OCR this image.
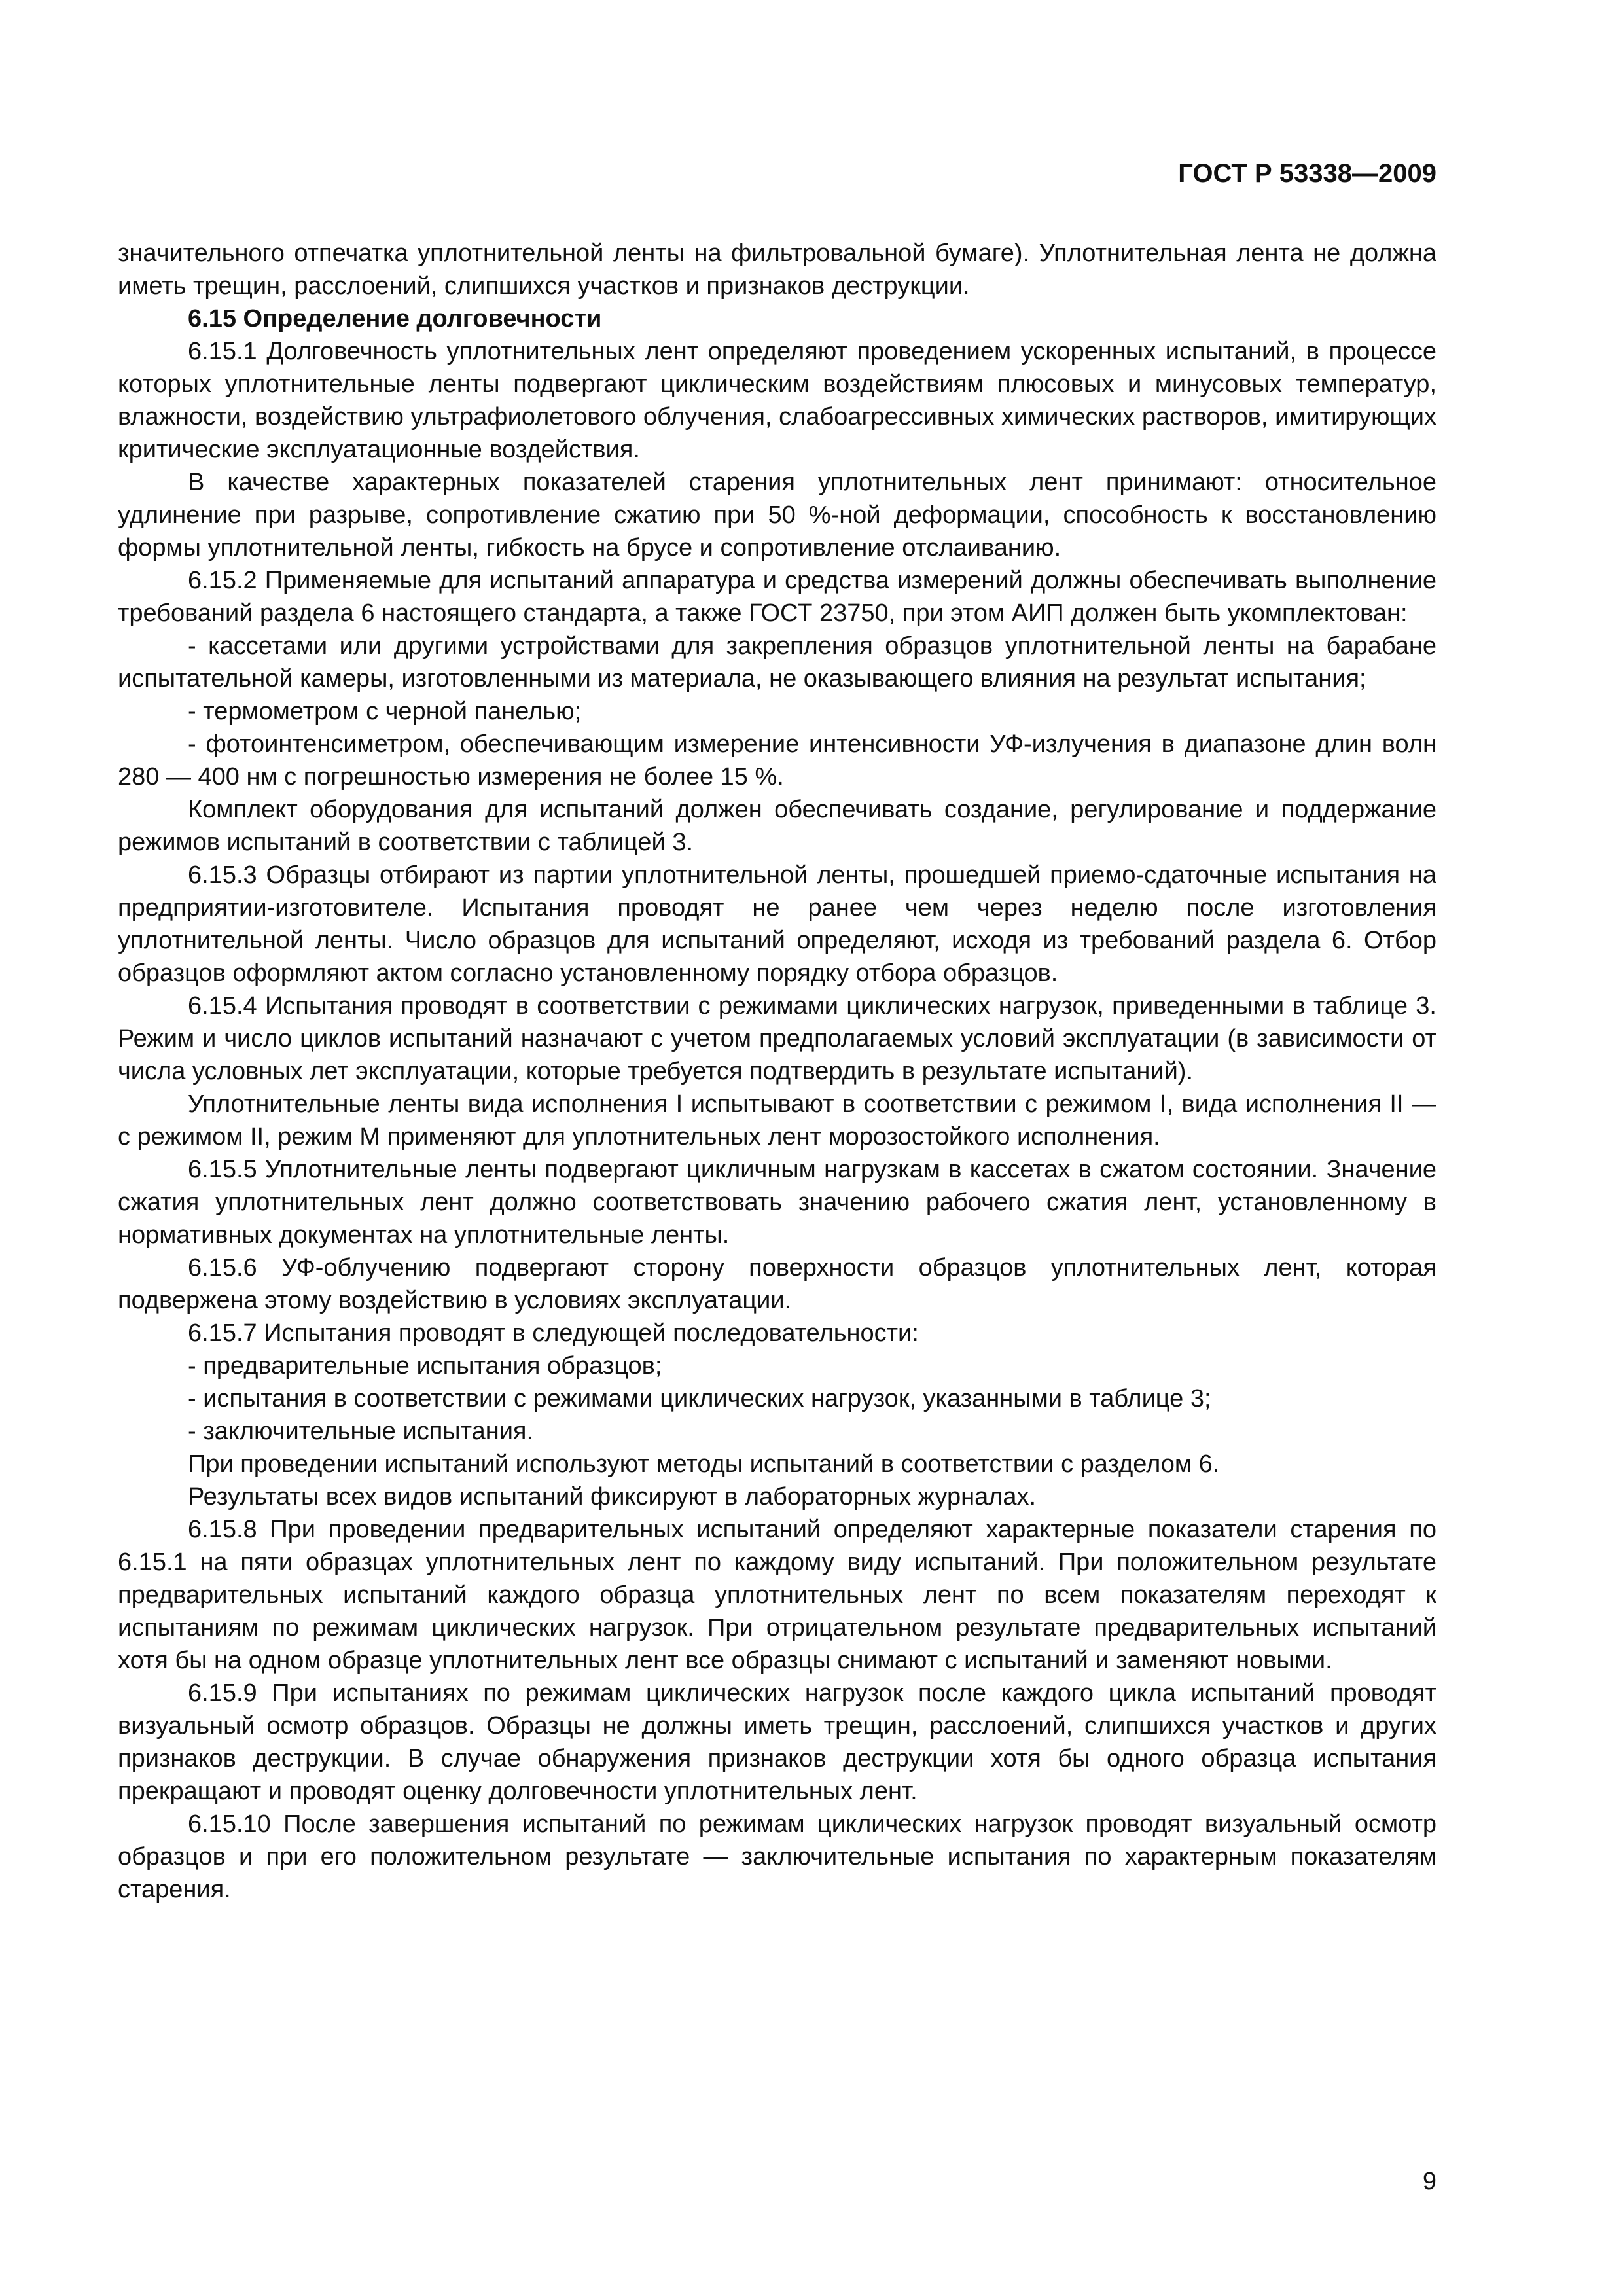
ГОСТ Р 53338—2009

значительного отпечатка уплотнительной ленты на фильтровальной бумаге). Уплотнительная лента не должна иметь трещин, расслоений, слипшихся участков и признаков деструкции.

6.15 Определение долговечности

6.15.1 Долговечность уплотнительных лент определяют проведением ускоренных испытаний, в процессе которых уплотнительные ленты подвергают циклическим воздействиям плюсовых и минусовых температур, влажности, воздействию ультрафиолетового облучения, слабоагрессивных химических растворов, имитирующих критические эксплуатационные воздействия.

В качестве характерных показателей старения уплотнительных лент принимают: относительное удлинение при разрыве, сопротивление сжатию при 50 %-ной деформации, способность к восстановлению формы уплотнительной ленты, гибкость на брусе и сопротивление отслаиванию.

6.15.2 Применяемые для испытаний аппаратура и средства измерений должны обеспечивать выполнение требований раздела 6 настоящего стандарта, а также ГОСТ 23750, при этом АИП должен быть укомплектован:

- кассетами или другими устройствами для закрепления образцов уплотнительной ленты на барабане испытательной камеры, изготовленными из материала, не оказывающего влияния на результат испытания;

- термометром с черной панелью;

- фотоинтенсиметром, обеспечивающим измерение интенсивности УФ-излучения в диапазоне длин волн 280 — 400 нм с погрешностью измерения не более 15 %.

Комплект оборудования для испытаний должен обеспечивать создание, регулирование и поддержание режимов испытаний в соответствии с таблицей 3.

6.15.3 Образцы отбирают из партии уплотнительной ленты, прошедшей приемо-сдаточные испытания на предприятии-изготовителе. Испытания проводят не ранее чем через неделю после изготовления уплотнительной ленты. Число образцов для испытаний определяют, исходя из требований раздела 6. Отбор образцов оформляют актом согласно установленному порядку отбора образцов.

6.15.4 Испытания проводят в соответствии с режимами циклических нагрузок, приведенными в таблице 3. Режим и число циклов испытаний назначают с учетом предполагаемых условий эксплуатации (в зависимости от числа условных лет эксплуатации, которые требуется подтвердить в результате испытаний).

Уплотнительные ленты вида исполнения I испытывают в соответствии с режимом I, вида исполнения II — с режимом II, режим М применяют для уплотнительных лент морозостойкого исполнения.

6.15.5 Уплотнительные ленты подвергают цикличным нагрузкам в кассетах в сжатом состоянии. Значение сжатия уплотнительных лент должно соответствовать значению рабочего сжатия лент, установленному в нормативных документах на уплотнительные ленты.

6.15.6 УФ-облучению подвергают сторону поверхности образцов уплотнительных лент, которая подвержена этому воздействию в условиях эксплуатации.

6.15.7 Испытания проводят в следующей последовательности:

- предварительные испытания образцов;

- испытания в соответствии с режимами циклических нагрузок, указанными в таблице 3;

- заключительные испытания.

При проведении испытаний используют методы испытаний в соответствии с разделом 6.

Результаты всех видов испытаний фиксируют в лабораторных журналах.

6.15.8 При проведении предварительных испытаний определяют характерные показатели старения по 6.15.1 на пяти образцах уплотнительных лент по каждому виду испытаний. При положительном результате предварительных испытаний каждого образца уплотнительных лент по всем показателям переходят к испытаниям по режимам циклических нагрузок. При отрицательном результате предварительных испытаний хотя бы на одном образце уплотнительных лент все образцы снимают с испытаний и заменяют новыми.

6.15.9 При испытаниях по режимам циклических нагрузок после каждого цикла испытаний проводят визуальный осмотр образцов. Образцы не должны иметь трещин, расслоений, слипшихся участков и других признаков деструкции. В случае обнаружения признаков деструкции хотя бы одного образца испытания прекращают и проводят оценку долговечности уплотнительных лент.

6.15.10 После завершения испытаний по режимам циклических нагрузок проводят визуальный осмотр образцов и при его положительном результате — заключительные испытания по характерным показателям старения.

9
